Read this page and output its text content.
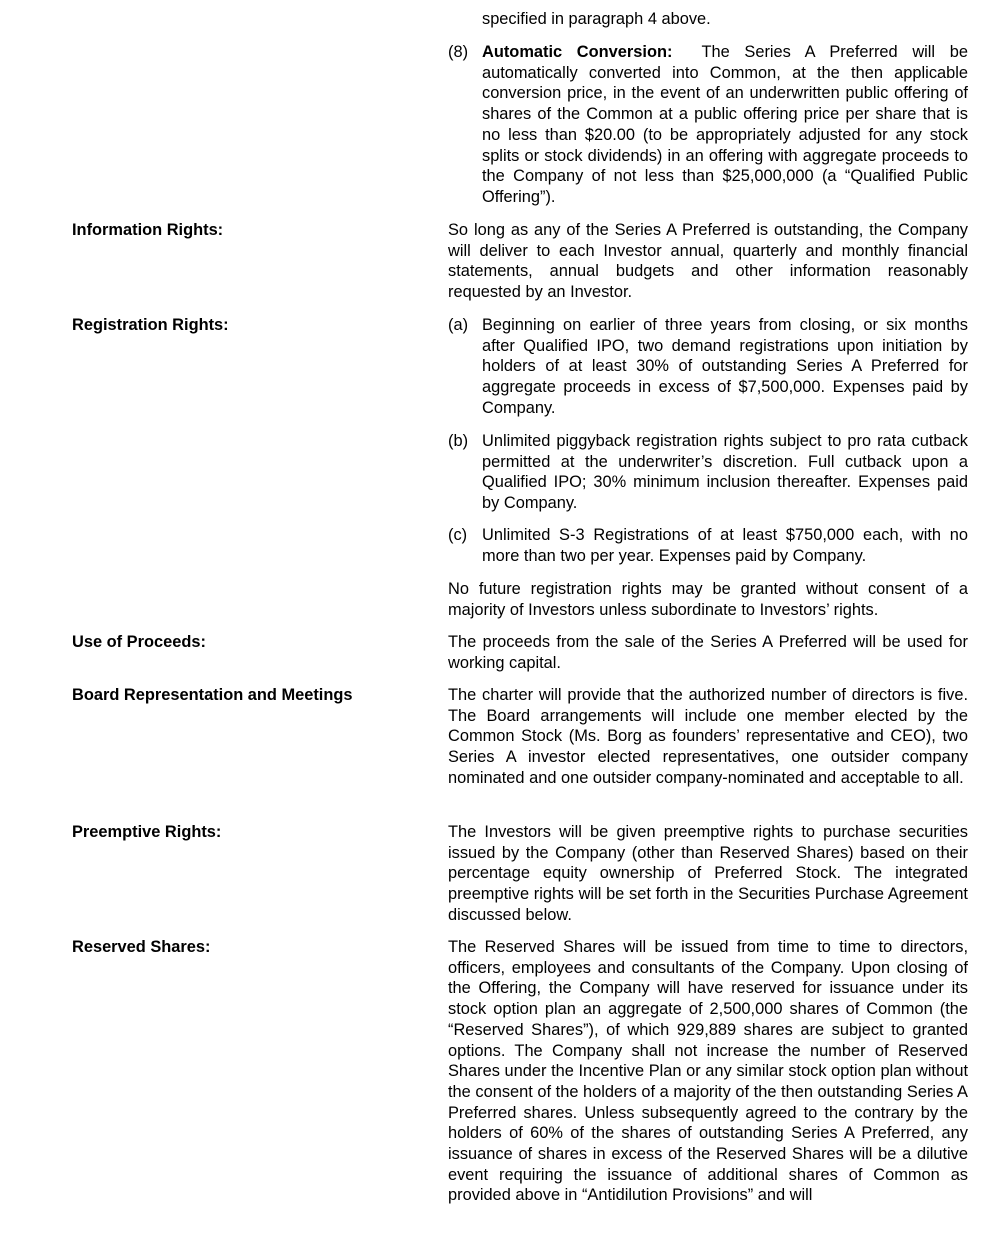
specified in paragraph 4 above.
(8) Automatic Conversion: The Series A Preferred will be automatically converted into Common, at the then applicable conversion price, in the event of an underwritten public offering of shares of the Common at a public offering price per share that is no less than $20.00 (to be appropriately adjusted for any stock splits or stock dividends) in an offering with aggregate proceeds to the Company of not less than $25,000,000 (a “Qualified Public Offering”).
Information Rights:	So long as any of the Series A Preferred is outstanding, the Company will deliver to each Investor annual, quarterly and monthly financial statements, annual budgets and other information reasonably requested by an Investor.
Registration Rights:	(a) Beginning on earlier of three years from closing, or six months after Qualified IPO, two demand registrations upon initiation by holders of at least 30% of outstanding Series A Preferred for aggregate proceeds in excess of $7,500,000. Expenses paid by Company.
(b) Unlimited piggyback registration rights subject to pro rata cutback permitted at the underwriter’s discretion. Full cutback upon a Qualified IPO; 30% minimum inclusion thereafter. Expenses paid by Company.
(c) Unlimited S-3 Registrations of at least $750,000 each, with no more than two per year. Expenses paid by Company.
No future registration rights may be granted without consent of a majority of Investors unless subordinate to Investors’ rights.
Use of Proceeds:	The proceeds from the sale of the Series A Preferred will be used for working capital.
Board Representation and Meetings	The charter will provide that the authorized number of directors is five. The Board arrangements will include one member elected by the Common Stock (Ms. Borg as founders’ representative and CEO), two Series A investor elected representatives, one outsider company nominated and one outsider company-nominated and acceptable to all.
Preemptive Rights:	The Investors will be given preemptive rights to purchase securities issued by the Company (other than Reserved Shares) based on their percentage equity ownership of Preferred Stock. The integrated preemptive rights will be set forth in the Securities Purchase Agreement discussed below.
Reserved Shares:	The Reserved Shares will be issued from time to time to directors, officers, employees and consultants of the Company. Upon closing of the Offering, the Company will have reserved for issuance under its stock option plan an aggregate of 2,500,000 shares of Common (the “Reserved Shares”), of which 929,889 shares are subject to granted options. The Company shall not increase the number of Reserved Shares under the Incentive Plan or any similar stock option plan without the consent of the holders of a majority of the then outstanding Series A Preferred shares. Unless subsequently agreed to the contrary by the holders of 60% of the shares of outstanding Series A Preferred, any issuance of shares in excess of the Reserved Shares will be a dilutive event requiring the issuance of additional shares of Common as provided above in “Antidilution Provisions” and will
